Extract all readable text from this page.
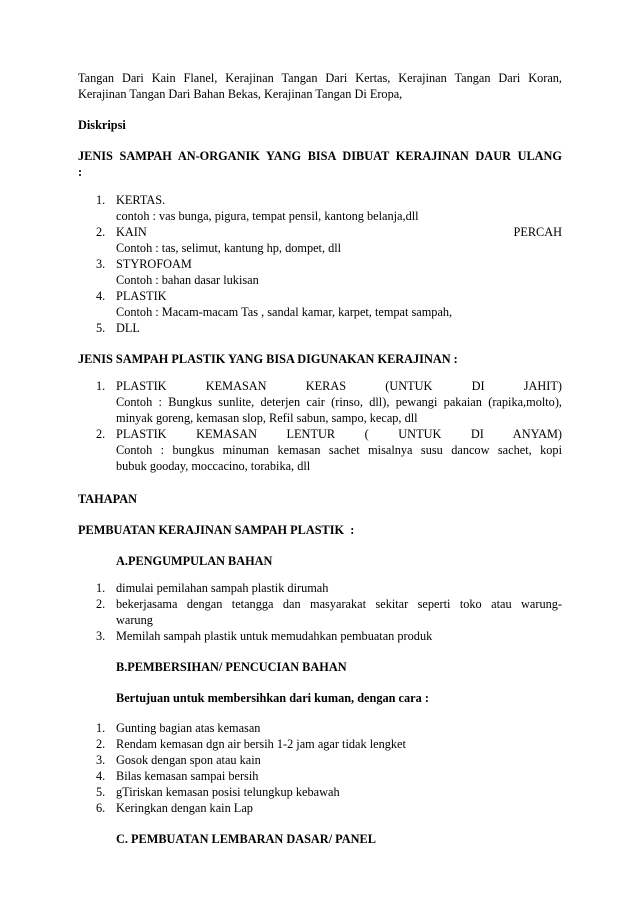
Tangan Dari Kain Flanel, Kerajinan Tangan Dari Kertas, Kerajinan Tangan Dari Koran,

Kerajinan Tangan Dari Bahan Bekas, Kerajinan Tangan Di Eropa,

Diskripsi

JENIS SAMPAH AN-ORGANIK YANG BISA DIBUAT KERAJINAN DAUR ULANG

:

1. KERTAS.

contoh : vas bunga, pigura, tempat pensil, kantong belanja,dll

2. KAIN	PERCAH

Contoh : tas, selimut, kantung hp, dompet, dll

3. STYROFOAM

Contoh : bahan dasar lukisan

4. PLASTIK

Contoh : Macam-macam Tas , sandal kamar, karpet, tempat sampah,

5. DLL

JENIS SAMPAH PLASTIK YANG BISA DIGUNAKAN KERAJINAN :

1. PLASTIK KEMASAN KERAS (UNTUK DI JAHIT)

Contoh : Bungkus sunlite, deterjen cair (rinso, dll), pewangi pakaian (rapika,molto),

minyak goreng, kemasan slop, Refil sabun, sampo, kecap, dll

2. PLASTIK KEMASAN LENTUR ( UNTUK DI ANYAM)

Contoh : bungkus minuman kemasan sachet misalnya susu dancow sachet, kopi

bubuk gooday, moccacino, torabika, dll

TAHAPAN

PEMBUATAN KERAJINAN SAMPAH PLASTIK  :

A.PENGUMPULAN BAHAN

1. dimulai pemilahan sampah plastik dirumah

2. bekerjasama dengan tetangga dan masyarakat sekitar seperti toko atau warung-

warung

3. Memilah sampah plastik untuk memudahkan pembuatan produk

B.PEMBERSIHAN/ PENCUCIAN BAHAN

Bertujuan untuk membersihkan dari kuman, dengan cara :

1. Gunting bagian atas kemasan

2. Rendam kemasan dgn air bersih 1-2 jam agar tidak lengket

3. Gosok dengan spon atau kain

4. Bilas kemasan sampai bersih

5. gTiriskan kemasan posisi telungkup kebawah

6. Keringkan dengan kain Lap

C. PEMBUATAN LEMBARAN DASAR/ PANEL
